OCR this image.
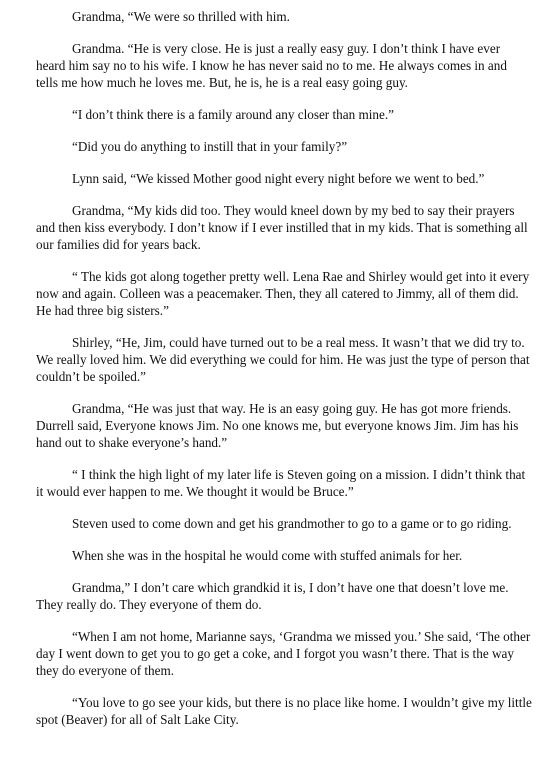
Grandma, “We were so thrilled with him.

Grandma. “He is very close. He is just a really easy guy. I don’t think I have ever heard him say no to his wife. I know he has never said no to me. He always comes in and tells me how much he loves me. But, he is, he is a real easy going guy.

“I don’t think there is a family around any closer than mine.”

“Did you do anything to instill that in your family?”

Lynn said, “We kissed Mother good night every night before we went to bed.”

Grandma, “My kids did too. They would kneel down by my bed to say their prayers and then kiss everybody. I don’t know if I ever instilled that in my kids. That is something all our families did for years back.

“ The kids got along together pretty well. Lena Rae and Shirley would get into it every now and again. Colleen was a peacemaker. Then, they all catered to Jimmy, all of them did. He had three big sisters.”

Shirley, “He, Jim, could have turned out to be a real mess. It wasn’t that we did try to. We really loved him. We did everything we could for him. He was just the type of person that couldn’t be spoiled.”

Grandma, “He was just that way. He is an easy going guy. He has got more friends. Durrell said, Everyone knows Jim. No one knows me, but everyone knows Jim. Jim has his hand out to shake everyone’s hand.”

“ I think the high light of my later life is Steven going on a mission. I didn’t think that it would ever happen to me. We thought it would be Bruce.”

Steven used to come down and get his grandmother to go to a game or to go riding.

When she was in the hospital he would come with stuffed animals for her.

Grandma,” I don’t care which grandkid it is, I don’t have one that doesn’t love me. They really do. They everyone of them do.

“When I am not home, Marianne says, ‘Grandma we missed you.’ She said, ‘The other day I went down to get you to go get a coke, and I forgot you wasn’t there. That is the way they do everyone of them.

“You love to go see your kids, but there is no place like home. I wouldn’t give my little spot (Beaver) for all of Salt Lake City.
